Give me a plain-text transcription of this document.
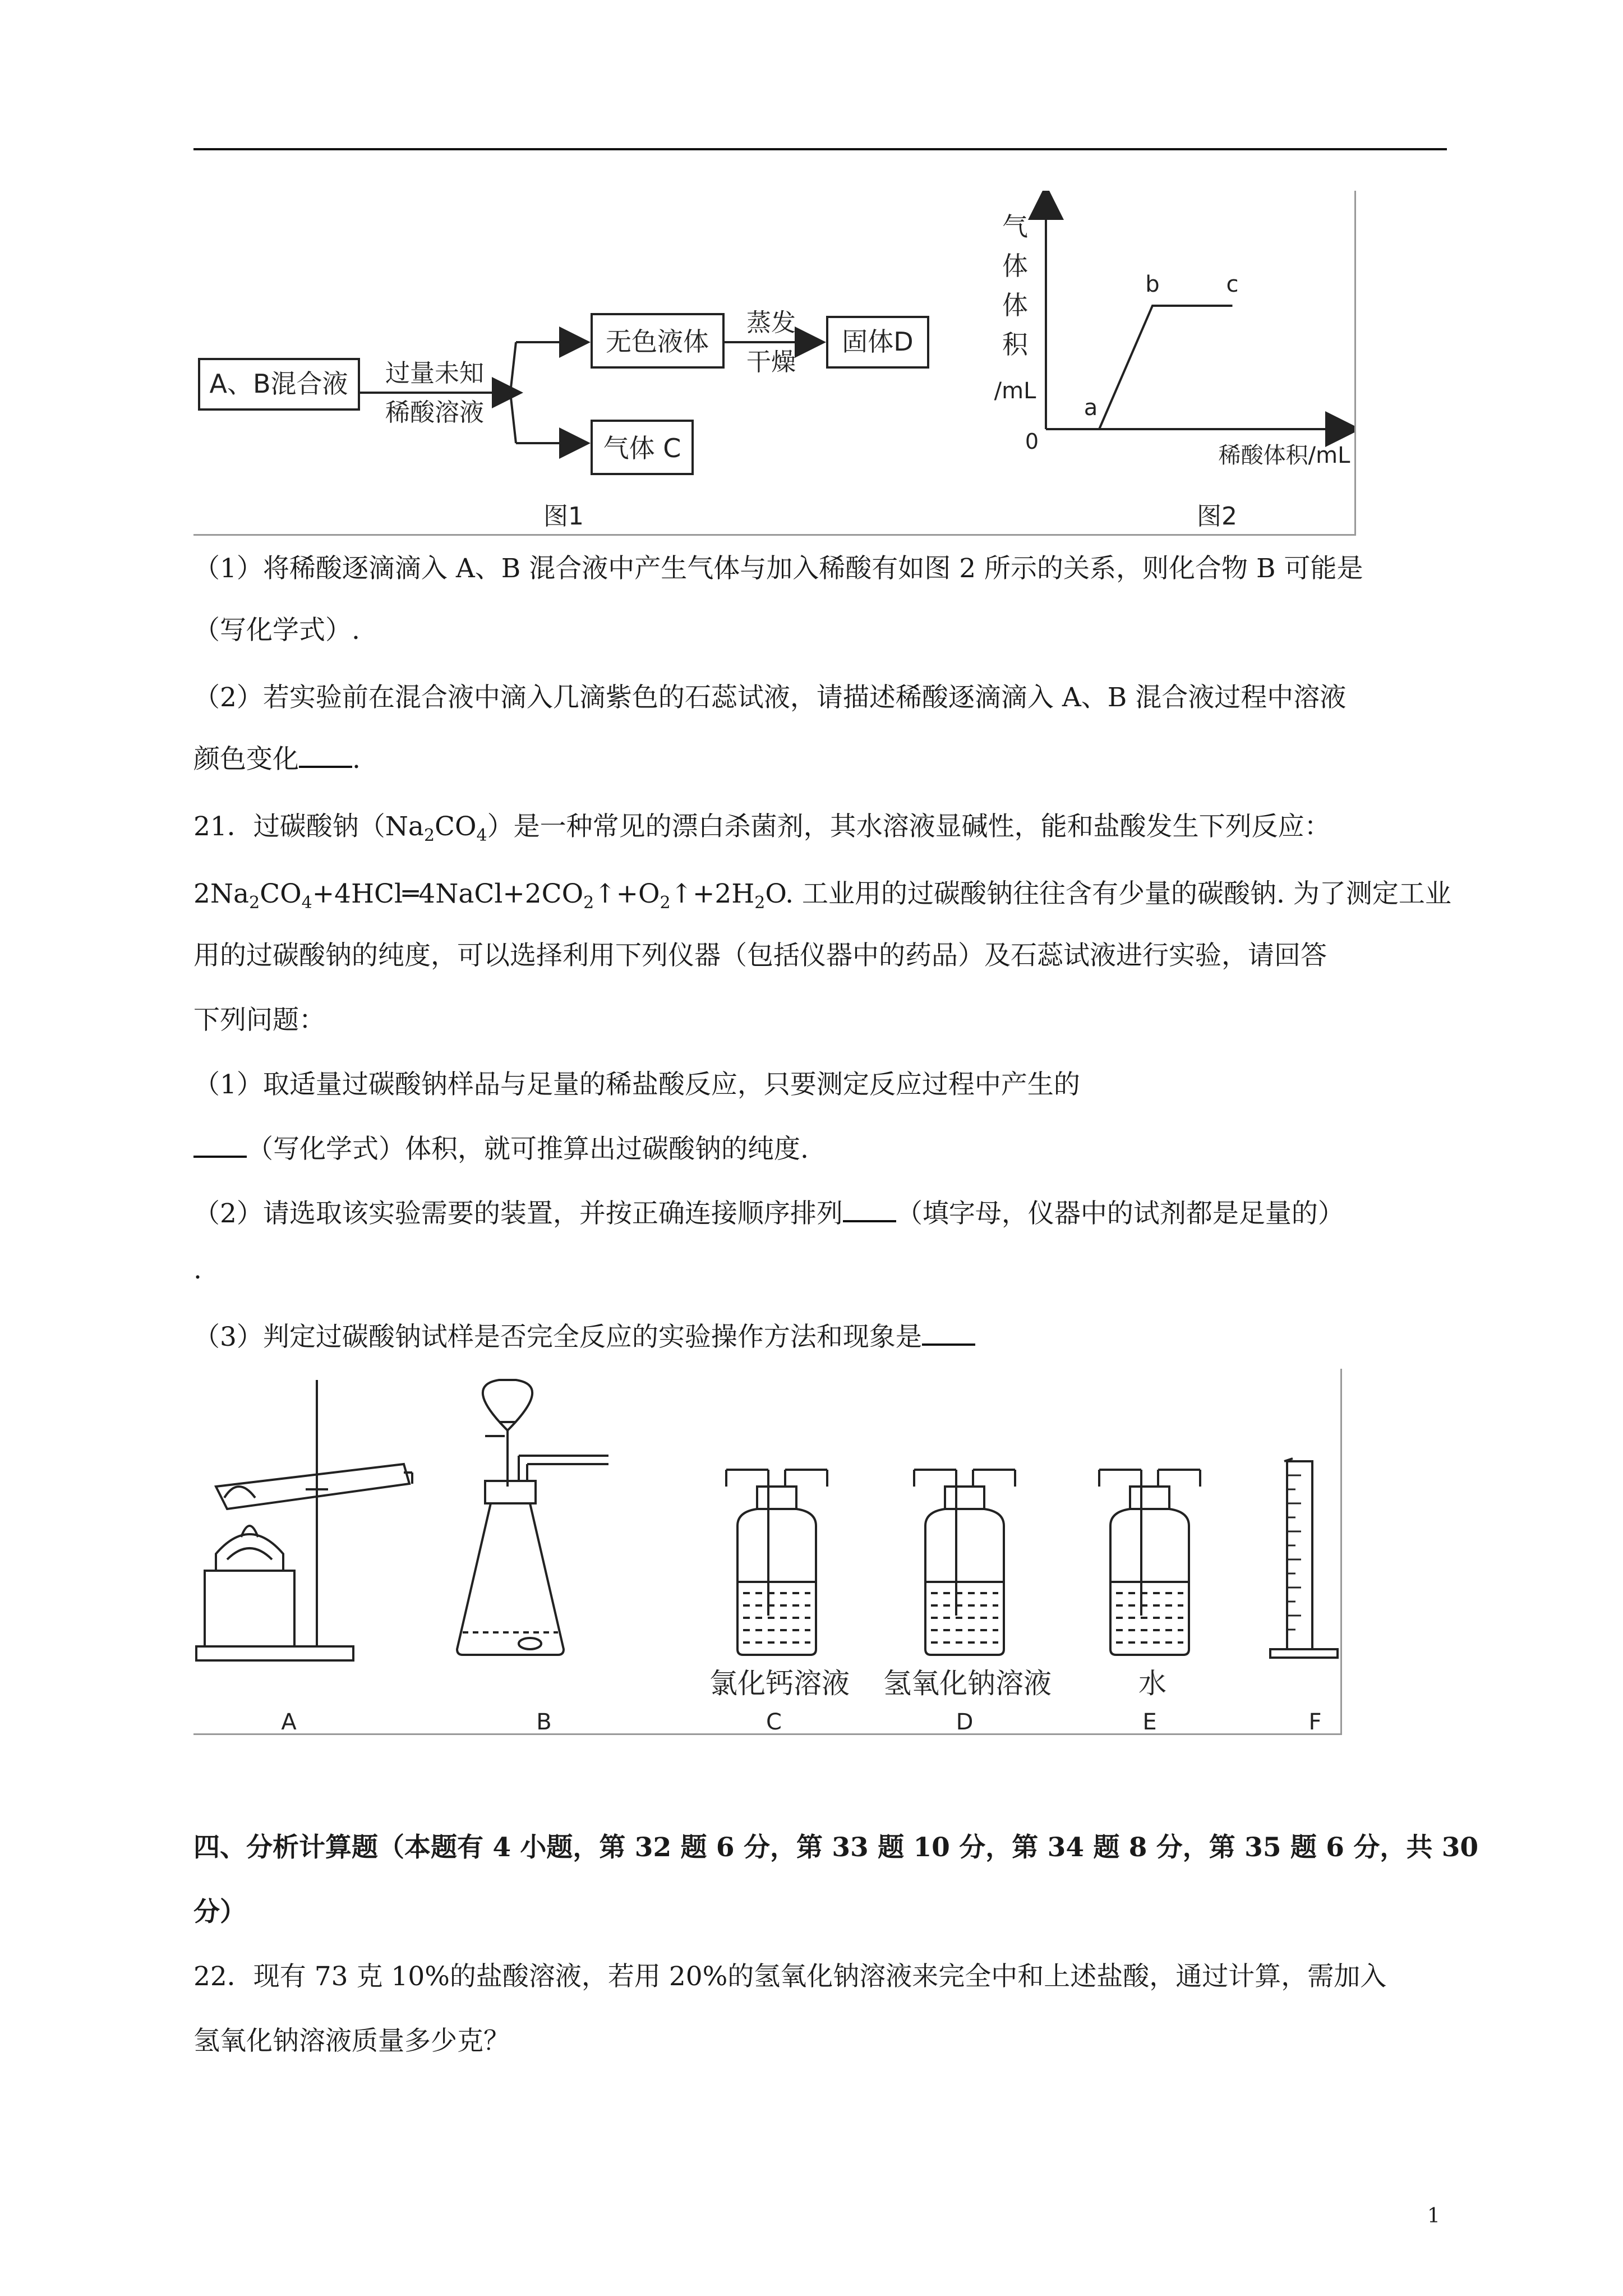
A、B混合液 过量未知
稀酸溶液
无色液体
蒸发
干燥
固体D
气体 C
图1
气
体
体
积
/mL
0
稀酸体积/mL
a
b	c
图2
（1）将稀酸逐滴滴入 A、B 混合液中产生气体与加入稀酸有如图 2 所示的关系，则化合物 B 可能是
（写化学式）.
（2）若实验前在混合液中滴入几滴紫色的石蕊试液，请描述稀酸逐滴滴入 A、B 混合液过程中溶液
颜色变化 .
21．过碳酸钠$(Na_2CO_4)$是一种常见的漂白杀菌剂，其水溶液显碱性，能和盐酸发生下列反应：
$2Na_2CO_4+4HCl═4NaCl+2CO_2↑+O_2↑+2H_2O$. 工业用的过碳酸钠往往含有少量的碳酸钠. 为了测定工业
用的过碳酸钠的纯度，可以选择利用下列仪器（包括仪器中的药品）及石蕊试液进行实验，请回答
下列问题：
（1）取适量过碳酸钠样品与足量的稀盐酸反应，只要测定反应过程中产生的
（写化学式）体积，就可推算出过碳酸钠的纯度.
（2）请选取该实验需要的装置，并按正确连接顺序排列 （填字母，仪器中的试剂都是足量的）
.
（3）判定过碳酸钠试样是否完全反应的实验操作方法和现象是
氯化钙溶液 氢氧化钠溶液	水
A	B	C	D	E	F
四、分析计算题（本题有 4 小题，第 32 题 6 分，第 33 题 10 分，第 34 题 8 分，第 35 题 6 分，共 30
分）
22．现有 73 克 10%的盐酸溶液，若用 20%的氢氧化钠溶液来完全中和上述盐酸，通过计算，需加入
氢氧化钠溶液质量多少克？
1
